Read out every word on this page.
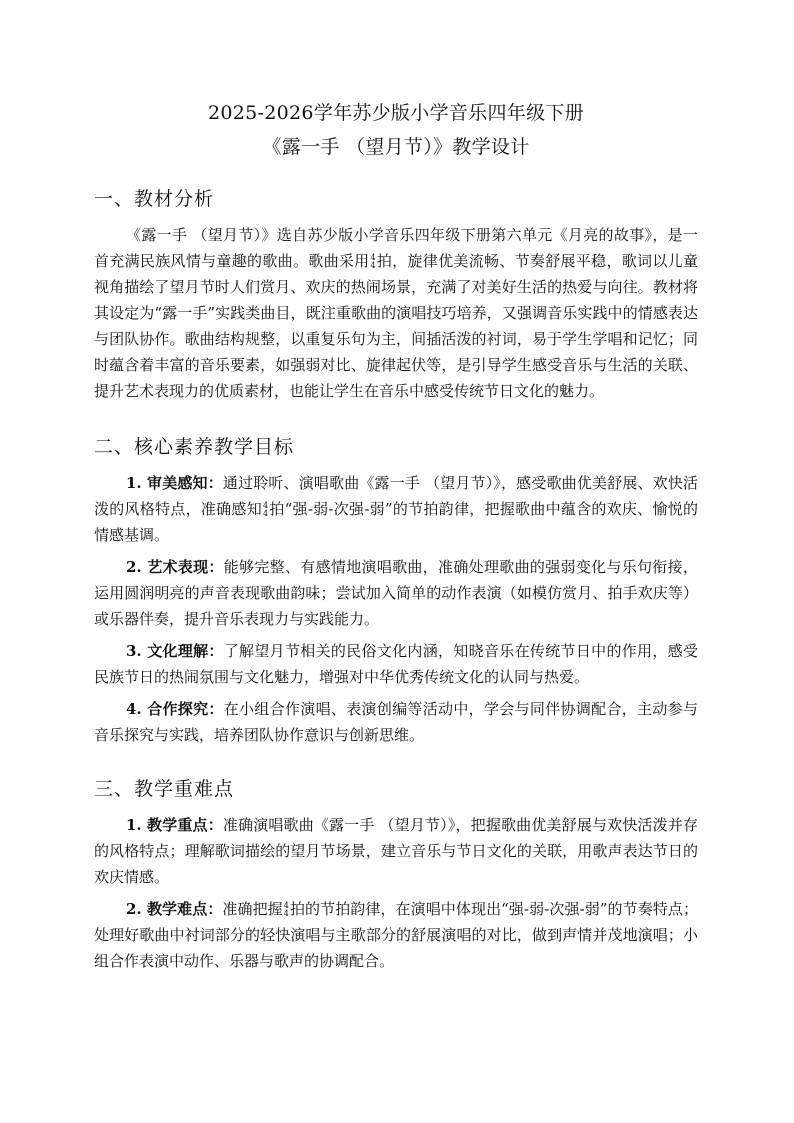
2025-2026学年苏少版小学音乐四年级下册
《露一手 （望月节）》教学设计
一、教材分析

《露一手 （望月节）》选自苏少版小学音乐四年级下册第六单元《月亮的故事》，是一首充满民族风情与童趣的歌曲。歌曲采用 4
4 拍，旋律优美流畅、节奏舒展平稳，歌词以儿童视角描绘了望月节时人们赏月、欢庆的热闹场景，充满了对美好生活的热爱与向往。教材将其设定为“露一手”实践类曲目，既注重歌曲的演唱技巧培养，又强调音乐实践中的情感表达与团队协作。歌曲结构规整，以重复乐句为主，间插活泼的衬词，易于学生学唱和记忆；同时蕴含着丰富的音乐要素，如强弱对比、旋律起伏等，是引导学生感受音乐与生活的关联、提升艺术表现力的优质素材，也能让学生在音乐中感受传统节日文化的魅力。

二、核心素养教学目标

1. 审美感知：通过聆听、演唱歌曲《露一手 （望月节）》，感受歌曲优美舒展、欢快活泼的风格特点，准确感知 4
4 拍“强-弱-次强-弱”的节拍韵律，把握歌曲中蕴含的欢庆、愉悦的情感基调。

2. 艺术表现：能够完整、有感情地演唱歌曲，准确处理歌曲的强弱变化与乐句衔接，运用圆润明亮的声音表现歌曲韵味；尝试加入简单的动作表演（如模仿赏月、拍手欢庆等）或乐器伴奏，提升音乐表现力与实践能力。

3. 文化理解：了解望月节相关的民俗文化内涵，知晓音乐在传统节日中的作用，感受民族节日的热闹氛围与文化魅力，增强对中华优秀传统文化的认同与热爱。

4. 合作探究：在小组合作演唱、表演创编等活动中，学会与同伴协调配合，主动参与音乐探究与实践，培养团队协作意识与创新思维。

三、教学重难点

1. 教学重点：准确演唱歌曲《露一手 （望月节）》，把握歌曲优美舒展与欢快活泼并存的风格特点；理解歌词描绘的望月节场景，建立音乐与节日文化的关联，用歌声表达节日的欢庆情感。

2. 教学难点：准确把握 4
4 拍的节拍韵律，在演唱中体现出“强-弱-次强-弱”的节奏特点；处理好歌曲中衬词部分的轻快演唱与主歌部分的舒展演唱的对比，做到声情并茂地演唱；小组合作表演中动作、乐器与歌声的协调配合。
